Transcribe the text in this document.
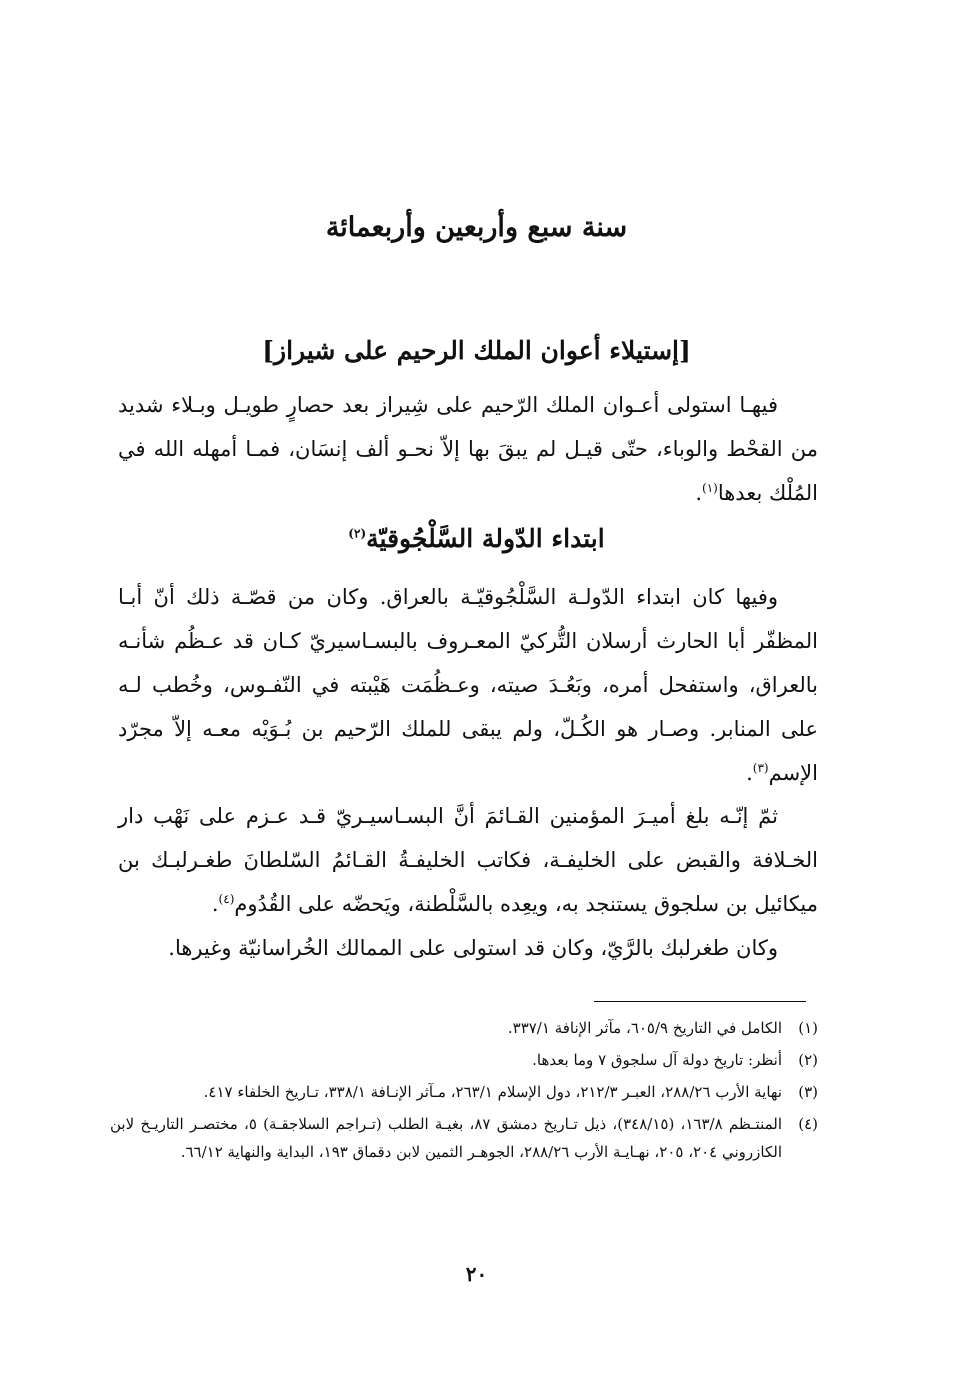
سنة سبع وأربعين وأربعمائة
[إستيلاء أعوان الملك الرحيم على شيراز]

فيهـا استولى أعـوان الملك الرّحيم على شِيراز بعد حصارٍ طويـل وبـلاء شديد من القحْط والوباء، حتّى قيـل لم يبقَ بها إلاّ نحـو ألف إنسَان، فمـا أمهله الله في المُلْك بعدها$^{(١)}$.

ابتداء الدّولة السَّلْجُوقيّة$^{(٢)}$

وفيها كان ابتداء الدّولـة السَّلْجُوقيّـة بالعراق. وكان من قصّـة ذلك أنّ أبـا المظفّر أبا الحارث أرسلان التُّركيّ المعـروف بالبسـاسيريّ كـان قد عـظُم شأنـه بالعراق، واستفحل أمره، وبَعُـدَ صيته، وعـظُمَت هَيْبته في النّفـوس، وخُطب لـه على المنابر. وصـار هو الكُـلّ، ولم يبقى للملك الرّحيم بن بُـوَيْه معـه إلاّ مجرّد الإسم$^{(٣)}$.

ثمّ إنّـه بلغ أميـرَ المؤمنين القـائمَ أنَّ البسـاسيـريّ قـد عـزم على نَهْب دار الخـلافة والقبض على الخليفـة، فكاتب الخليفـةُ القـائمُ السّلطانَ طغـرلبـك بن ميكائيل بن سلجوق يستنجد به، ويعِده بالسَّلْطنة، ويَحضّه على القُدُوم$^{(٤)}$.

وكان طغرلبك بالرَّيّ، وكان قد استولى على الممالك الخُراسانيّة وغيرها.

(١)
الكامل في التاريخ ٦٠٥/٩، مآثر الإنافة ٣٣٧/١.
(٢)
أنظر: تاريخ دولة آل سلجوق ٧ وما بعدها.
(٣)
نهاية الأرب ٢٨٨/٢٦، العبـر ٢١٢/٣، دول الإسلام ٢٦٣/١، مـآثر الإنـافة ٣٣٨/١، تـاريخ الخلفاء ٤١٧.
(٤)
المنتـظم ١٦٣/٨، (٣٤٨/١٥)، ذيل تـاريخ دمشق ٨٧، بغيـة الطلب (تـراجم السلاجقـة) ٥، مختصـر التاريـخ لابن الكازروني ٢٠٤، ٢٠٥، نهـايـة الأرب ٢٨٨/٢٦، الجوهـر الثمين لابن دقماق ١٩٣، البداية والنهاية ٦٦/١٢.
٢٠
